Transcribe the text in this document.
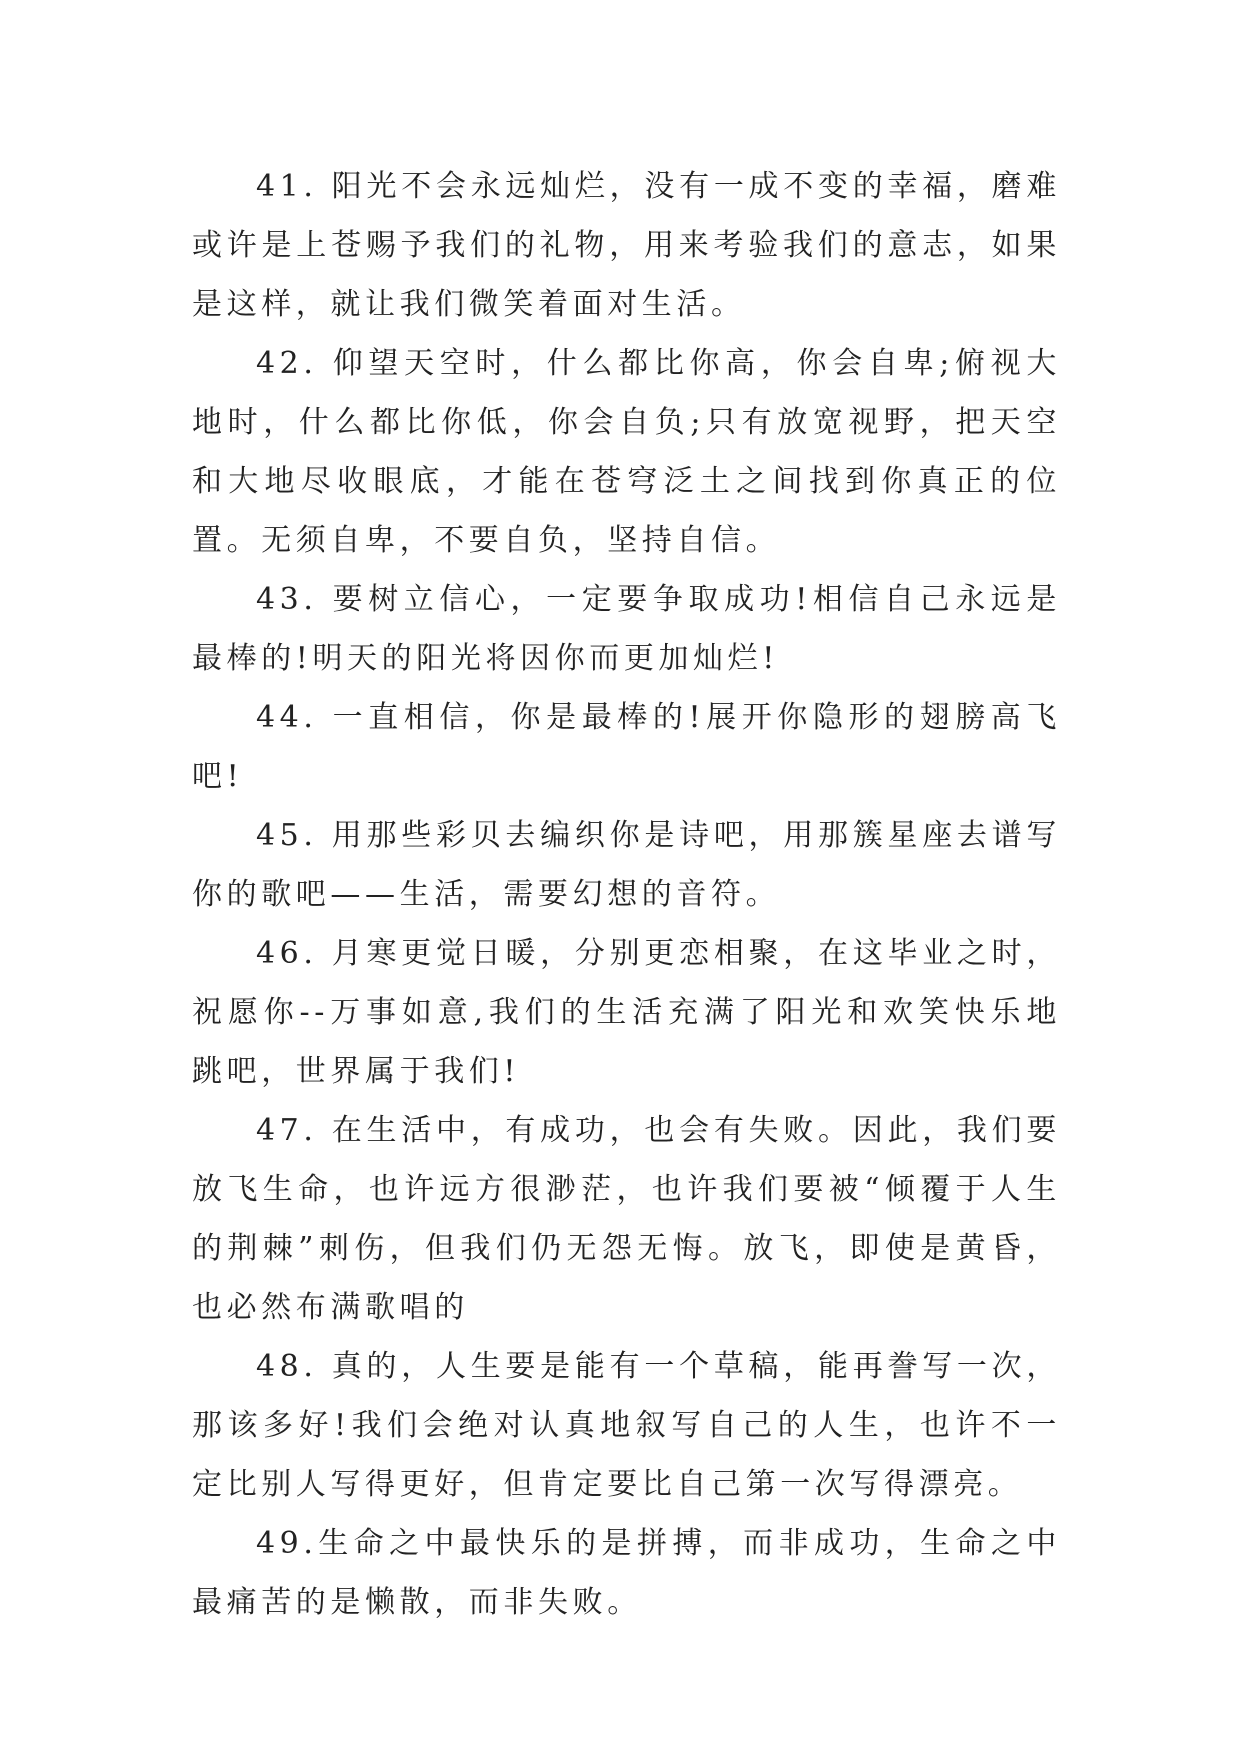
41. 阳光不会永远灿烂，没有一成不变的幸福，磨难或许是上苍赐予我们的礼物，用来考验我们的意志，如果是这样，就让我们微笑着面对生活。

42. 仰望天空时，什么都比你高，你会自卑;俯视大地时，什么都比你低，你会自负;只有放宽视野，把天空和大地尽收眼底，才能在苍穹泛土之间找到你真正的位置。无须自卑，不要自负，坚持自信。

43. 要树立信心，一定要争取成功!相信自己永远是最棒的!明天的阳光将因你而更加灿烂!

44. 一直相信，你是最棒的!展开你隐形的翅膀高飞吧!

45. 用那些彩贝去编织你是诗吧，用那簇星座去谱写你的歌吧——生活，需要幻想的音符。

46. 月寒更觉日暖，分别更恋相聚，在这毕业之时，祝愿你--万事如意,我们的生活充满了阳光和欢笑快乐地跳吧，世界属于我们!

47. 在生活中，有成功，也会有失败。因此，我们要放飞生命，也许远方很渺茫，也许我们要被“倾覆于人生的荆棘”刺伤，但我们仍无怨无悔。放飞，即使是黄昏，也必然布满歌唱的

48. 真的，人生要是能有一个草稿，能再誊写一次，那该多好!我们会绝对认真地叙写自己的人生，也许不一定比别人写得更好，但肯定要比自己第一次写得漂亮。

49.生命之中最快乐的是拼搏，而非成功，生命之中最痛苦的是懒散，而非失败。
